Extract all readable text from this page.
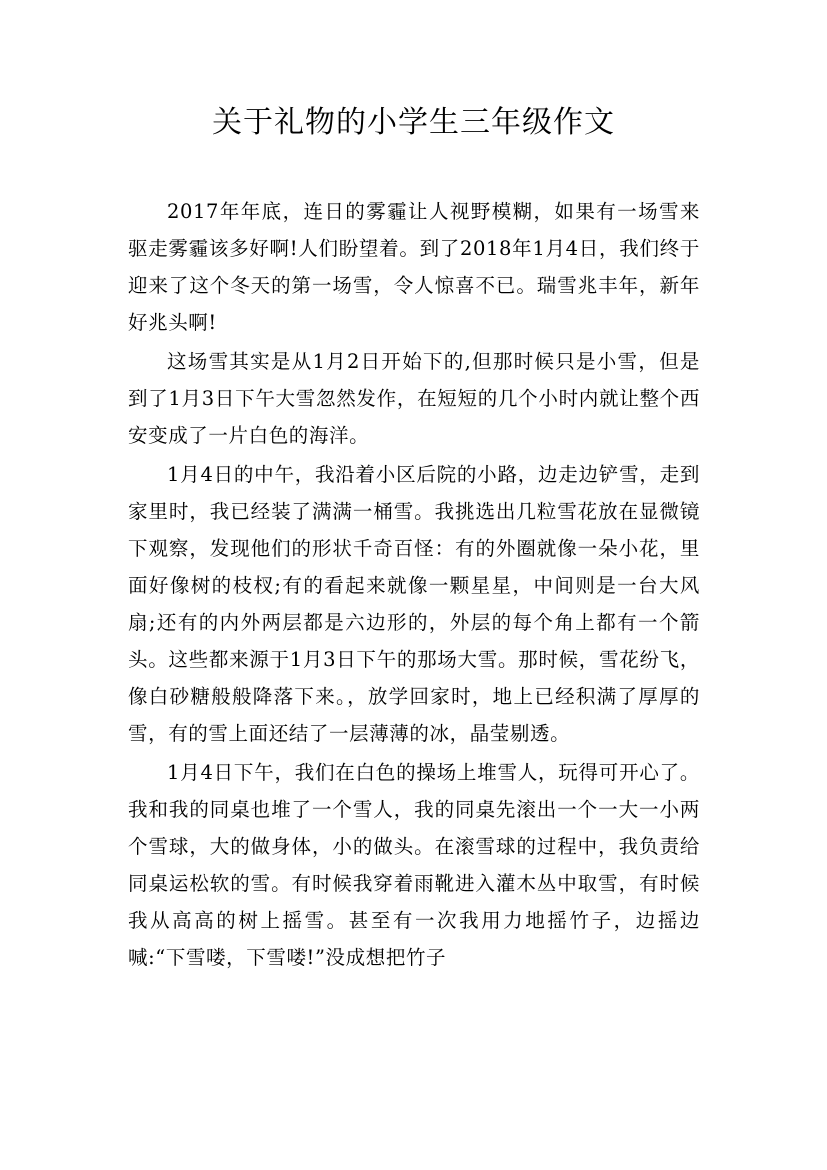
关于礼物的小学生三年级作文

2017年年底，连日的雾霾让人视野模糊，如果有一场雪来驱走雾霾该多好啊!人们盼望着。到了2018年1月4日，我们终于迎来了这个冬天的第一场雪，令人惊喜不已。瑞雪兆丰年，新年好兆头啊!

这场雪其实是从1月2日开始下的,但那时候只是小雪，但是到了1月3日下午大雪忽然发作，在短短的几个小时内就让整个西安变成了一片白色的海洋。

1月4日的中午，我沿着小区后院的小路，边走边铲雪，走到家里时，我已经装了满满一桶雪。我挑选出几粒雪花放在显微镜下观察，发现他们的形状千奇百怪：有的外圈就像一朵小花，里面好像树的枝杈;有的看起来就像一颗星星，中间则是一台大风扇;还有的内外两层都是六边形的，外层的每个角上都有一个箭头。这些都来源于1月3日下午的那场大雪。那时候，雪花纷飞，像白砂糖般般降落下来。，放学回家时，地上已经积满了厚厚的雪，有的雪上面还结了一层薄薄的冰，晶莹剔透。

1月4日下午，我们在白色的操场上堆雪人，玩得可开心了。我和我的同桌也堆了一个雪人，我的同桌先滚出一个一大一小两个雪球，大的做身体，小的做头。在滚雪球的过程中，我负责给同桌运松软的雪。有时候我穿着雨靴进入灌木丛中取雪，有时候我从高高的树上摇雪。甚至有一次我用力地摇竹子，边摇边喊:“下雪喽，下雪喽!”没成想把竹子
